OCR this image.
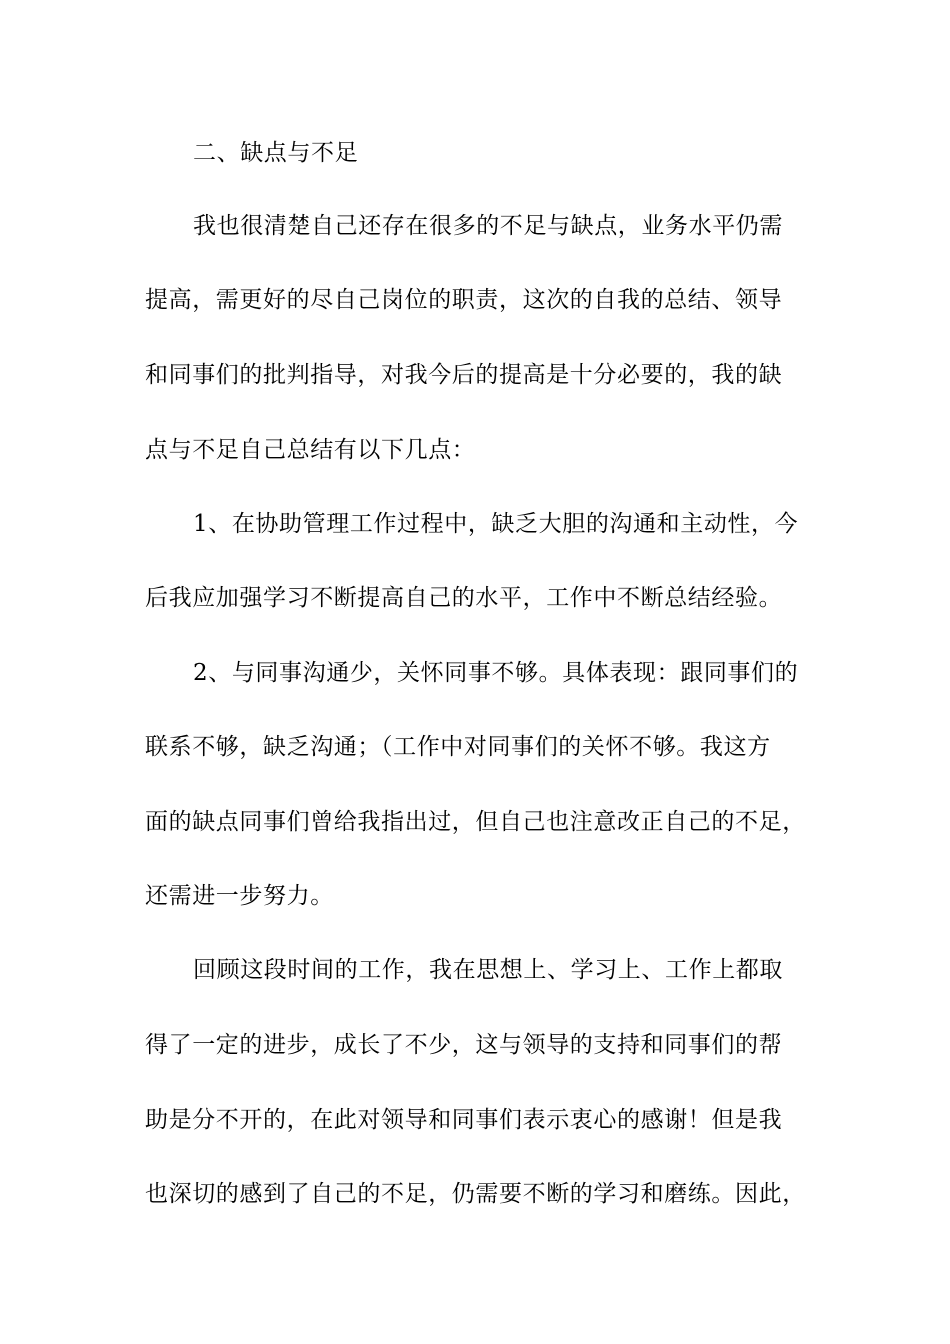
二、缺点与不足
我也很清楚自己还存在很多的不足与缺点，业务水平仍需
提高，需更好的尽自己岗位的职责，这次的自我的总结、领导
和同事们的批判指导，对我今后的提高是十分必要的，我的缺
点与不足自己总结有以下几点：
1、在协助管理工作过程中，缺乏大胆的沟通和主动性，今
后我应加强学习不断提高自己的水平，工作中不断总结经验。
2、与同事沟通少，关怀同事不够。具体表现：跟同事们的
联系不够，缺乏沟通；（工作中对同事们的关怀不够。我这方
面的缺点同事们曾给我指出过，但自己也注意改正自己的不足，
还需进一步努力。
回顾这段时间的工作，我在思想上、学习上、工作上都取
得了一定的进步，成长了不少，这与领导的支持和同事们的帮
助是分不开的，在此对领导和同事们表示衷心的感谢！但是我
也深切的感到了自己的不足，仍需要不断的学习和磨练。因此，
